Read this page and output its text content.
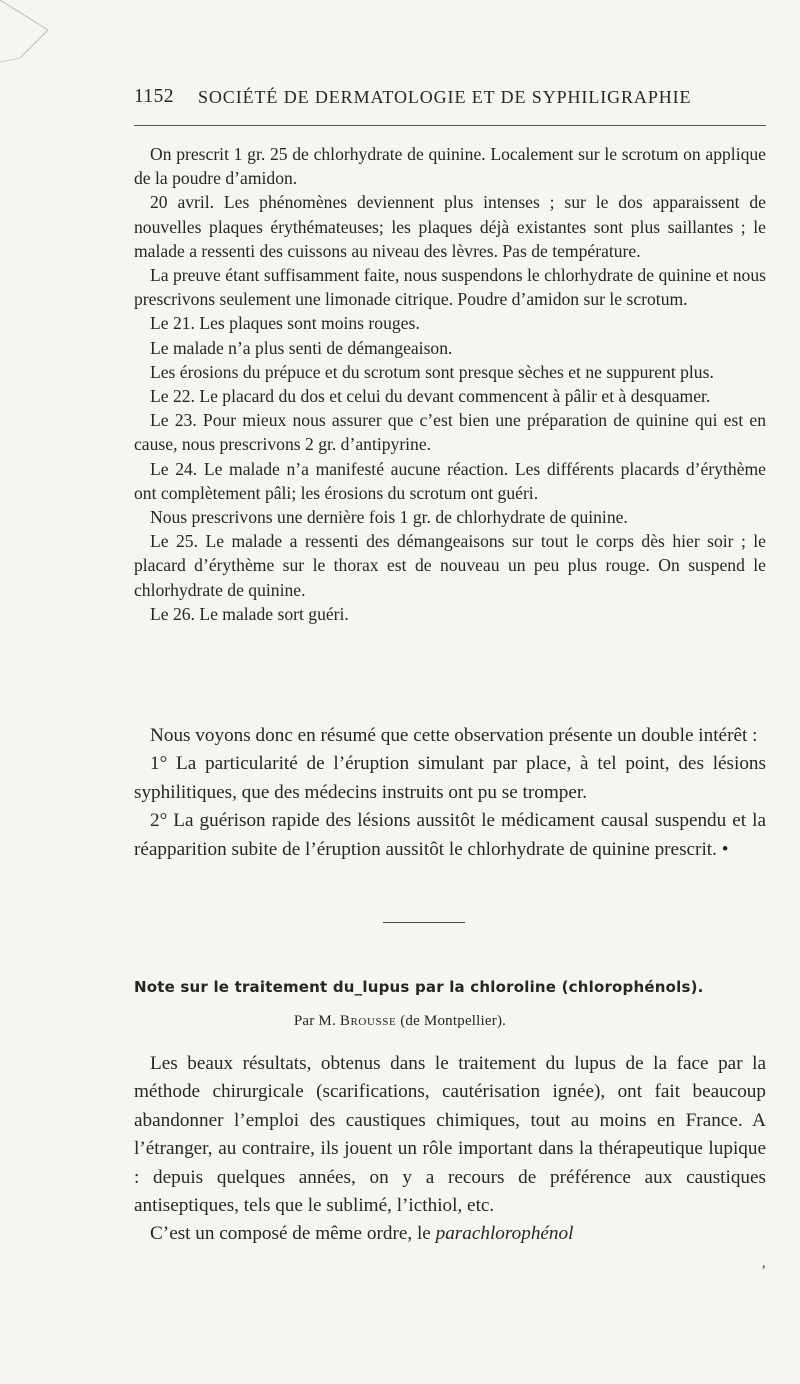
1152 SOCIÉTÉ DE DERMATOLOGIE ET DE SYPHILIGRAPHIE

On prescrit 1 gr. 25 de chlorhydrate de quinine. Localement sur le scrotum on applique de la poudre d’amidon.

20 avril. Les phénomènes deviennent plus intenses ; sur le dos apparaissent de nouvelles plaques érythémateuses; les plaques déjà existantes sont plus saillantes ; le malade a ressenti des cuissons au niveau des lèvres. Pas de température.

La preuve étant suffisamment faite, nous suspendons le chlorhydrate de quinine et nous prescrivons seulement une limonade citrique. Poudre d’amidon sur le scrotum.

Le 21. Les plaques sont moins rouges.

Le malade n’a plus senti de démangeaison.

Les érosions du prépuce et du scrotum sont presque sèches et ne suppurent plus.

Le 22. Le placard du dos et celui du devant commencent à pâlir et à desquamer.

Le 23. Pour mieux nous assurer que c’est bien une préparation de quinine qui est en cause, nous prescrivons 2 gr. d’antipyrine.

Le 24. Le malade n’a manifesté aucune réaction. Les différents placards d’érythème ont complètement pâli; les érosions du scrotum ont guéri.

Nous prescrivons une dernière fois 1 gr. de chlorhydrate de quinine.

Le 25. Le malade a ressenti des démangeaisons sur tout le corps dès hier soir ; le placard d’érythème sur le thorax est de nouveau un peu plus rouge. On suspend le chlorhydrate de quinine.

Le 26. Le malade sort guéri.

Nous voyons donc en résumé que cette observation présente un double intérêt :

1° La particularité de l’éruption simulant par place, à tel point, des lésions syphilitiques, que des médecins instruits ont pu se tromper.

2° La guérison rapide des lésions aussitôt le médicament causal suspendu et la réapparition subite de l’éruption aussitôt le chlorhydrate de quinine prescrit. •

Note sur le traitement du_lupus par la chloroline (chlorophénols).
Par M. Brousse (de Montpellier).

Les beaux résultats, obtenus dans le traitement du lupus de la face par la méthode chirurgicale (scarifications, cautérisation ignée), ont fait beaucoup abandonner l’emploi des caustiques chimiques, tout au moins en France. A l’étranger, au contraire, ils jouent un rôle important dans la thérapeutique lupique : depuis quelques années, on y a recours de préférence aux caustiques antiseptiques, tels que le sublimé, l’icthiol, etc.

C’est un composé de même ordre, le parachlorophénol

,
